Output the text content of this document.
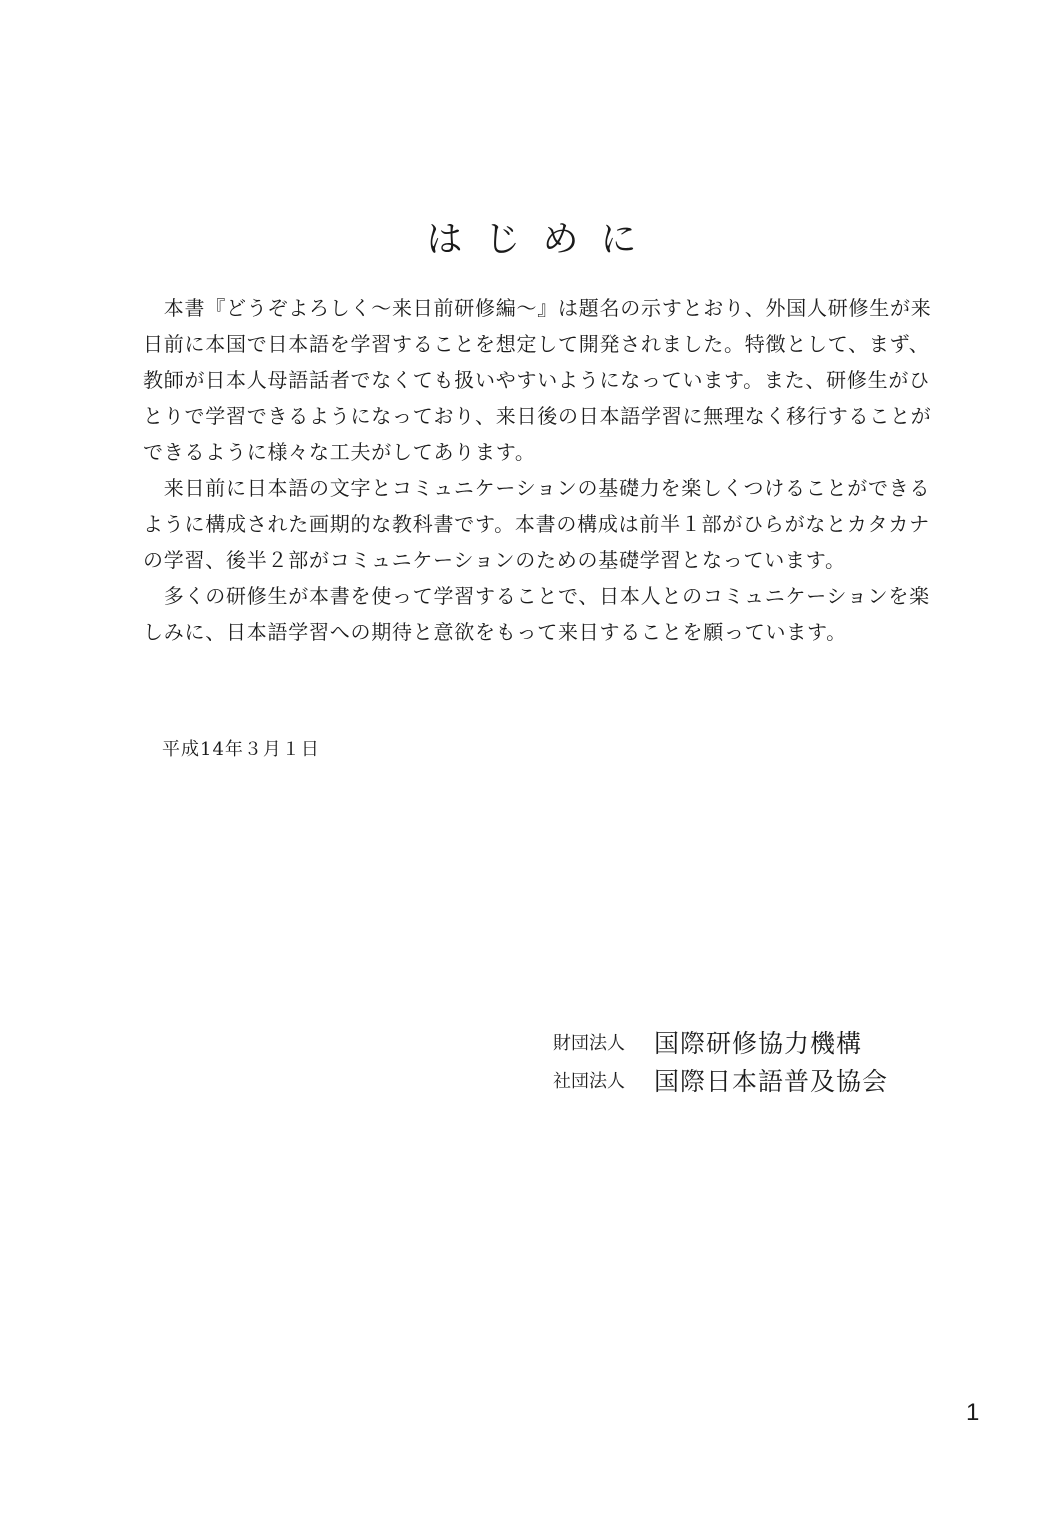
はじめに
　本書『どうぞよろしく～来日前研修編～』は題名の示すとおり、外国人研修生が来
日前に本国で日本語を学習することを想定して開発されました。特徴として、まず、
教師が日本人母語話者でなくても扱いやすいようになっています。また、研修生がひ
とりで学習できるようになっており、来日後の日本語学習に無理なく移行することが
できるように様々な工夫がしてあります。
　来日前に日本語の文字とコミュニケーションの基礎力を楽しくつけることができる
ように構成された画期的な教科書です。本書の構成は前半１部がひらがなとカタカナ
の学習、後半２部がコミュニケーションのための基礎学習となっています。
　多くの研修生が本書を使って学習することで、日本人とのコミュニケーションを楽
しみに、日本語学習への期待と意欲をもって来日することを願っています。
平成14年３月１日
財団法人 国際研修協力機構
社団法人 国際日本語普及協会
1
